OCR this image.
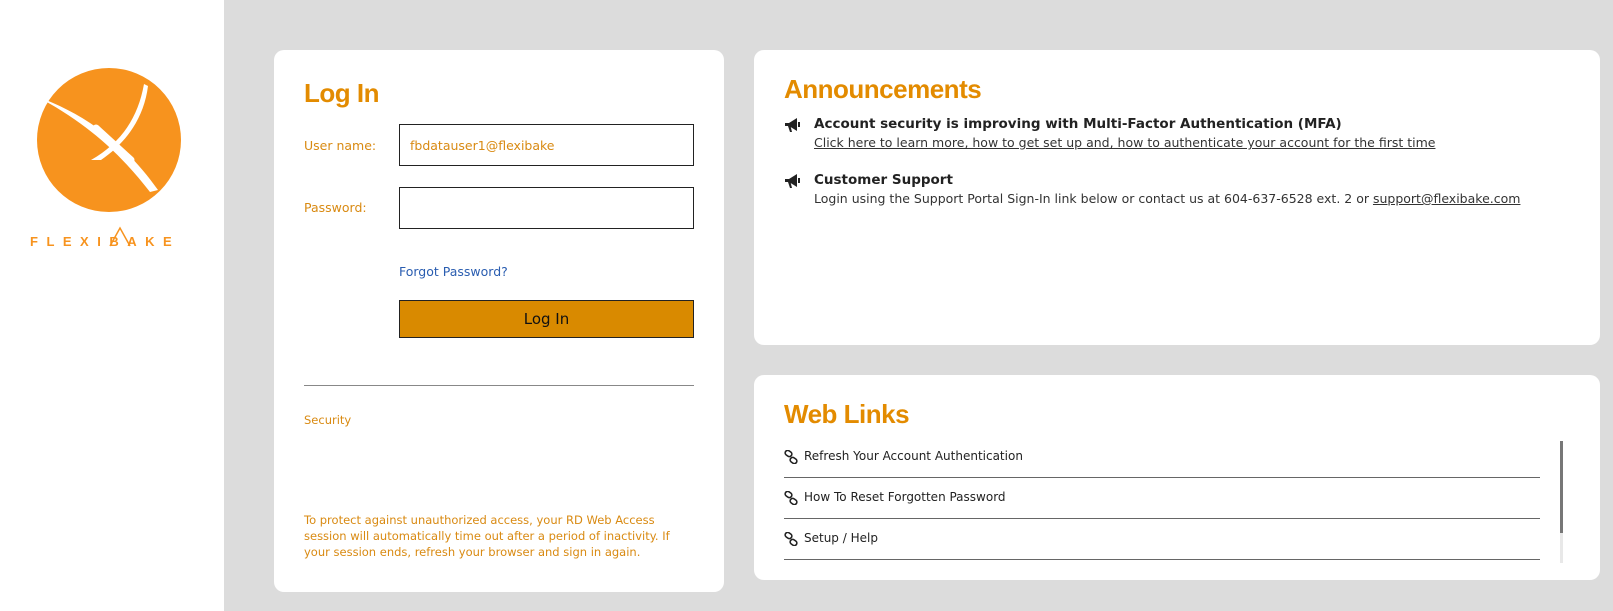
FLEXIBAKE
Log In
User name:
fbdatauser1@flexibake
Password:
Forgot Password?
Log In
Security
To protect against unauthorized access, your RD Web Access session will automatically time out after a period of inactivity. If your session ends, refresh your browser and sign in again.
Announcements
Account security is improving with Multi-Factor Authentication (MFA)
Click here to learn more, how to get set up and, how to authenticate your account for the first time
Customer Support
Login using the Support Portal Sign-In link below or contact us at 604-637-6528 ext. 2 or support@flexibake.com
Web Links
Refresh Your Account Authentication
How To Reset Forgotten Password
Setup / Help
